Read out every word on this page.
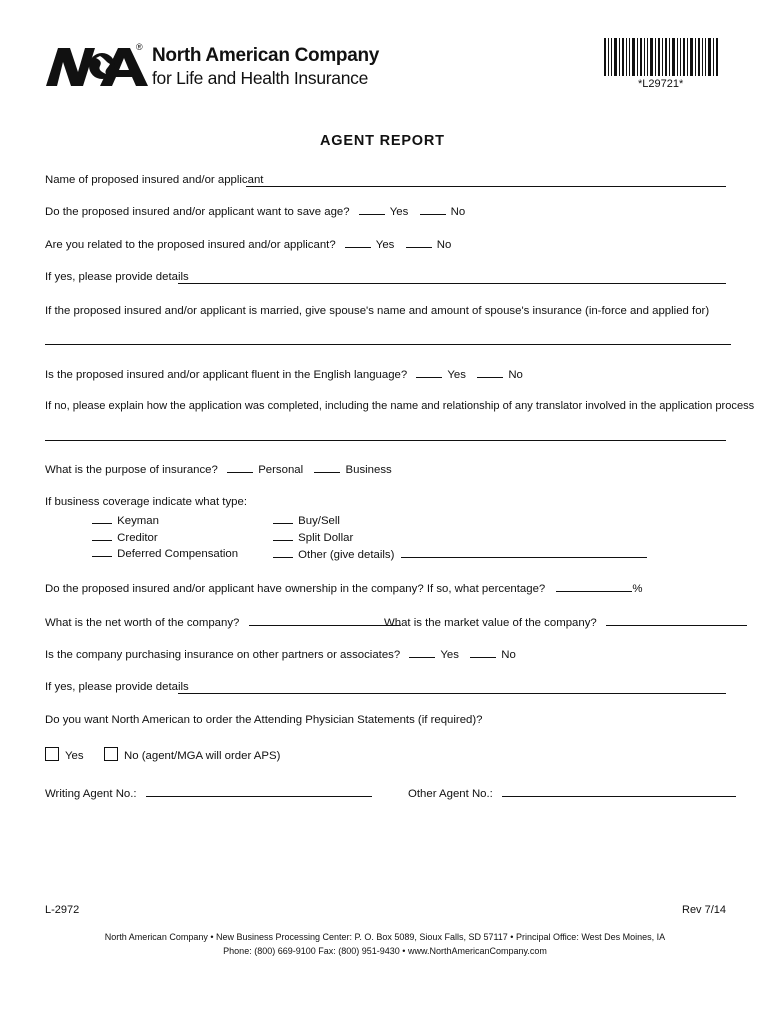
North American Company
®
for Life and Health Insurance	*L29721*
AGENT REPORT
Name of proposed insured and/or applicant
Do the proposed insured and/or applicant want to save age?	Yes	No
Are you related to the proposed insured and/or applicant?	Yes	No
If yes, please provide details
If the proposed insured and/or applicant is married, give spouse's name and amount of spouse's insurance (in-force and applied for)
Is the proposed insured and/or applicant fluent in the English language?	Yes	No
If no, please explain how the application was completed, including the name and relationship of any translator involved in the application process
What is the purpose of insurance?	Personal	Business
If business coverage indicate what type:
Keyman
Creditor
Deferred Compensation
Buy/Sell
Split Dollar
Other (give details)
Do the proposed insured and/or applicant have ownership in the company? If so, what percentage?	%
What is the net worth of the company?	What is the market value of the company?
Is the company purchasing insurance on other partners or associates?	Yes	No
If yes, please provide details
Do you want North American to order the Attending Physician Statements (if required)?
Yes	No (agent/MGA will order APS)
Writing Agent No.:	Other Agent No.:
L-2972	Rev 7/14
North American Company • New Business Processing Center: P. O. Box 5089, Sioux Falls, SD 57117 • Principal Office: West Des Moines, IA
Phone: (800) 669-9100 Fax: (800) 951-9430 • www.NorthAmericanCompany.com
